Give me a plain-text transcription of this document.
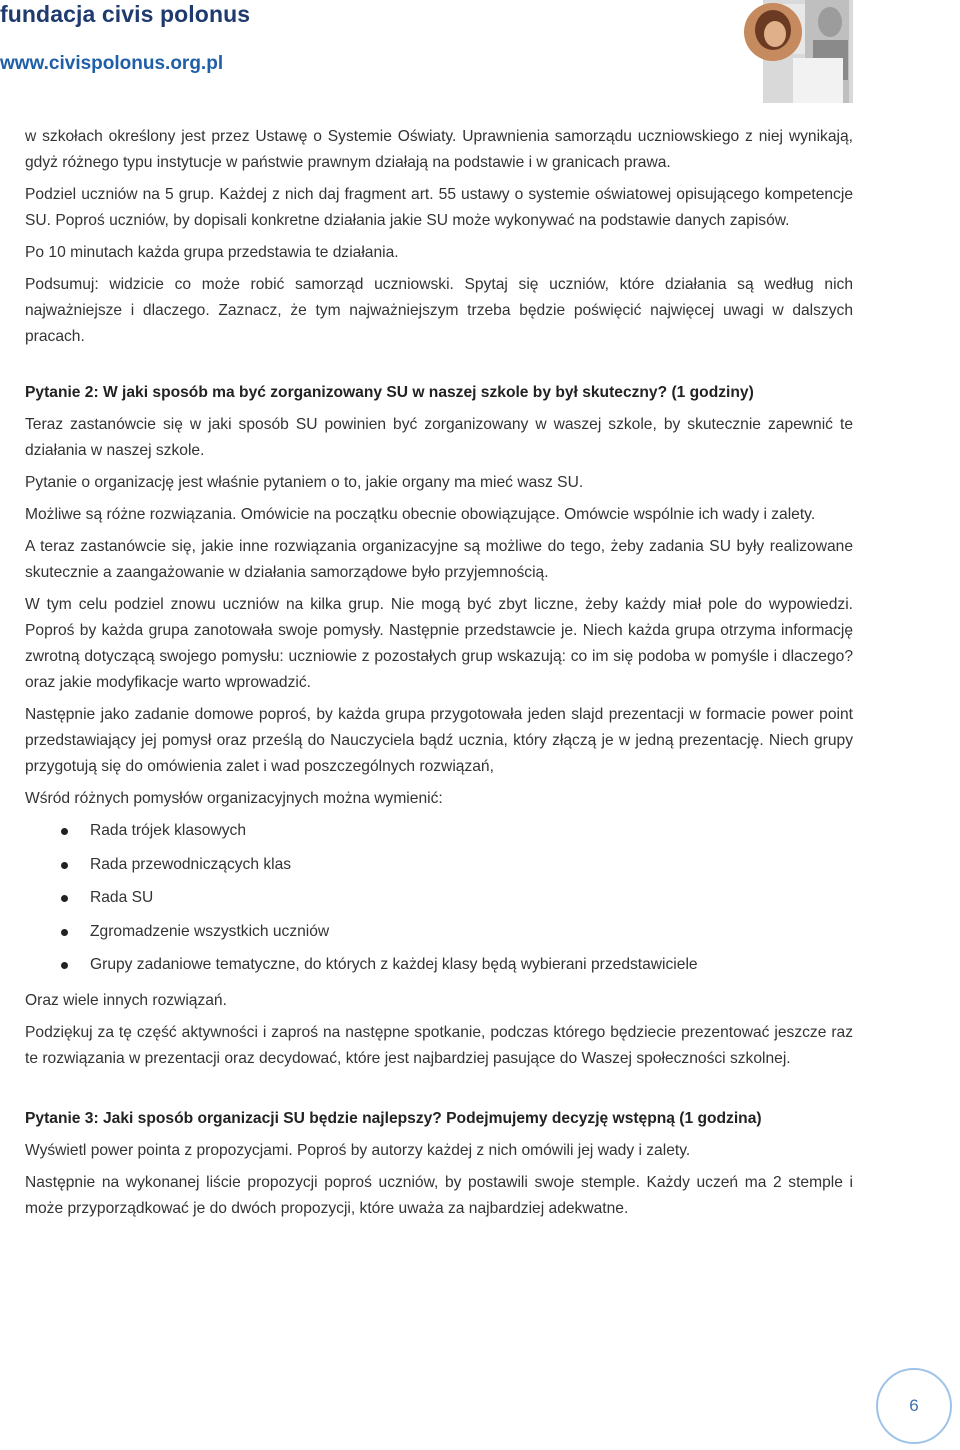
fundacja civis polonus
www.civispolonus.org.pl

w szkołach określony jest przez Ustawę o Systemie Oświaty. Uprawnienia samorządu uczniowskiego z niej wynikają, gdyż różnego typu instytucje w państwie prawnym działają na podstawie i w granicach prawa.

Podziel uczniów na 5 grup. Każdej z nich daj fragment art. 55 ustawy o systemie oświatowej opisującego kompetencje SU. Poproś uczniów, by dopisali konkretne działania jakie SU może wykonywać na podstawie danych zapisów.

Po 10 minutach każda grupa przedstawia te działania.

Podsumuj: widzicie co może robić samorząd uczniowski. Spytaj się uczniów, które działania są według nich najważniejsze i dlaczego. Zaznacz, że tym najważniejszym trzeba będzie poświęcić najwięcej uwagi w dalszych pracach.

Pytanie 2: W jaki sposób ma być zorganizowany SU w naszej szkole by był skuteczny? (1 godziny)

Teraz zastanówcie się w jaki sposób SU powinien być zorganizowany w waszej szkole, by skutecznie zapewnić te działania w naszej szkole.

Pytanie o organizację jest właśnie pytaniem o to, jakie organy ma mieć wasz SU.

Możliwe są różne rozwiązania. Omówicie na początku obecnie obowiązujące. Omówcie wspólnie ich wady i zalety.

A teraz zastanówcie się, jakie inne rozwiązania organizacyjne są możliwe do tego, żeby zadania SU były realizowane skutecznie a zaangażowanie w działania samorządowe było przyjemnością.

W tym celu podziel znowu uczniów na kilka grup. Nie mogą być zbyt liczne, żeby każdy miał pole do wypowiedzi. Poproś by każda grupa zanotowała swoje pomysły. Następnie przedstawcie je. Niech każda grupa otrzyma informację zwrotną dotyczącą swojego pomysłu: uczniowie z pozostałych grup wskazują: co im się podoba w pomyśle i dlaczego? oraz jakie modyfikacje warto wprowadzić.

Następnie jako zadanie domowe poproś, by każda grupa przygotowała jeden slajd prezentacji w formacie power point przedstawiający jej pomysł oraz prześlą do Nauczyciela bądź ucznia, który złączą je w jedną prezentację. Niech grupy przygotują się do omówienia zalet i wad poszczególnych rozwiązań,

Wśród różnych pomysłów organizacyjnych można wymienić:

Rada trójek klasowych
Rada przewodniczących klas
Rada SU
Zgromadzenie wszystkich uczniów
Grupy zadaniowe tematyczne, do których z każdej klasy będą wybierani przedstawiciele

Oraz wiele innych rozwiązań.

Podziękuj za tę część aktywności i zaproś na następne spotkanie, podczas którego będziecie prezentować jeszcze raz te rozwiązania w prezentacji oraz decydować, które jest najbardziej pasujące do Waszej społeczności szkolnej.

Pytanie 3: Jaki sposób organizacji SU będzie najlepszy? Podejmujemy decyzję wstępną (1 godzina)

Wyświetl power pointa z propozycjami. Poproś by autorzy każdej z nich omówili jej wady i zalety.

Następnie na wykonanej liście propozycji poproś uczniów, by postawili swoje stemple. Każdy uczeń ma 2 stemple i może przyporządkować je do dwóch propozycji, które uważa za najbardziej adekwatne.

6
